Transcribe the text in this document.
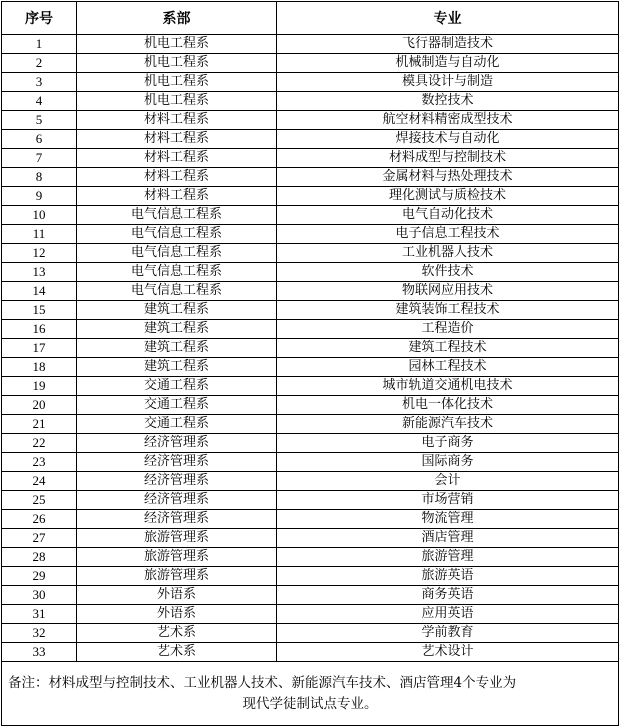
序号	系部	专业
1	机电工程系	飞行器制造技术
2	机电工程系	机械制造与自动化
3	机电工程系	模具设计与制造
4	机电工程系	数控技术
5	材料工程系	航空材料精密成型技术
6	材料工程系	焊接技术与自动化
7	材料工程系	材料成型与控制技术
8	材料工程系	金属材料与热处理技术
9	材料工程系	理化测试与质检技术
10	电气信息工程系	电气自动化技术
11	电气信息工程系	电子信息工程技术
12	电气信息工程系	工业机器人技术
13	电气信息工程系	软件技术
14	电气信息工程系	物联网应用技术
15	建筑工程系	建筑装饰工程技术
16	建筑工程系	工程造价
17	建筑工程系	建筑工程技术
18	建筑工程系	园林工程技术
19	交通工程系	城市轨道交通机电技术
20	交通工程系	机电一体化技术
21	交通工程系	新能源汽车技术
22	经济管理系	电子商务
23	经济管理系	国际商务
24	经济管理系	会计
25	经济管理系	市场营销
26	经济管理系	物流管理
27	旅游管理系	酒店管理
28	旅游管理系	旅游管理
29	旅游管理系	旅游英语
30	外语系	商务英语
31	外语系	应用英语
32	艺术系	学前教育
33	艺术系	艺术设计

备注：材料成型与控制技术、工业机器人技术、新能源汽车技术、酒店管理4个专业为
现代学徒制试点专业。		
